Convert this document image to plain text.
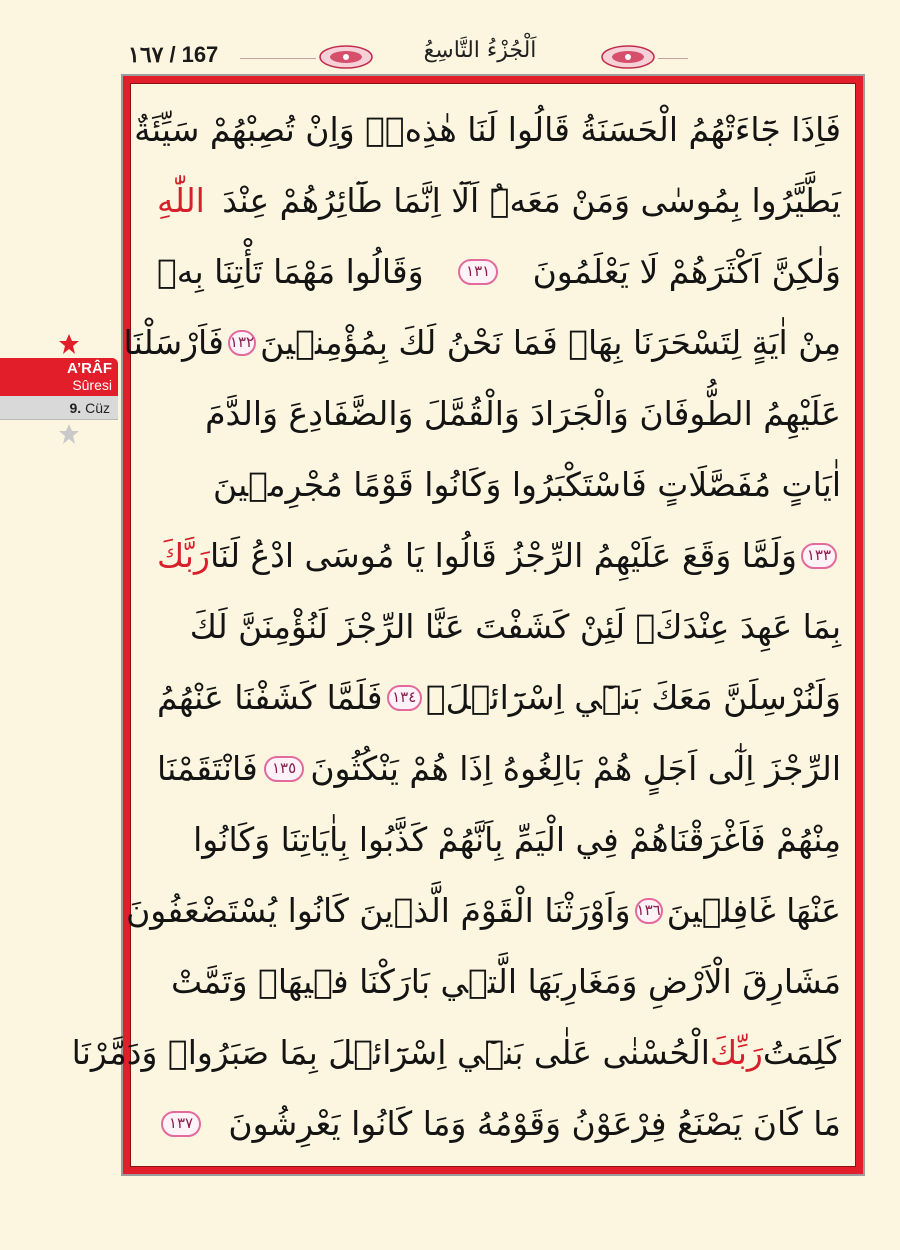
١٦٧ / 167	اَلْجُزْءُ التَّاسِعُ
A’RÂF
Sûresi
9. Cüz
فَاِذَا جَٓاءَتْهُمُ الْحَسَنَةُ قَالُوا لَنَا هٰذِهٖۚ وَاِنْ تُصِبْهُمْ سَيِّئَةٌ
يَطَّيَّرُوا بِمُوسٰى وَمَنْ مَعَهُۜ اَلَٓا اِنَّمَا طَٓائِرُهُمْ عِنْدَ
اللّٰهِ
وَلٰكِنَّ اَكْثَرَهُمْ لَا يَعْلَمُونَ
١٣١
وَقَالُوا مَهْمَا تَأْتِنَا بِهٖ
مِنْ اٰيَةٍ لِتَسْحَرَنَا بِهَاۙ فَمَا نَحْنُ لَكَ بِمُؤْمِنٖينَ
١٣٢
فَاَرْسَلْنَا
عَلَيْهِمُ الطُّوفَانَ وَالْجَرَادَ وَالْقُمَّلَ وَالضَّفَادِعَ وَالدَّمَ
اٰيَاتٍ مُفَصَّلَاتٍ فَاسْتَكْبَرُوا وَكَانُوا قَوْمًا مُجْرِمٖينَ
١٣٣
وَلَمَّا وَقَعَ عَلَيْهِمُ الرِّجْزُ قَالُوا يَا مُوسَى ادْعُ لَنَا
رَبَّكَ
بِمَا عَهِدَ عِنْدَكَۚ لَئِنْ كَشَفْتَ عَنَّا الرِّجْزَ لَنُؤْمِنَنَّ لَكَ
وَلَنُرْسِلَنَّ مَعَكَ بَنٖٓي اِسْرَٓائٖلَۚ
١٣٤
فَلَمَّا كَشَفْنَا عَنْهُمُ
الرِّجْزَ اِلٰٓى اَجَلٍ هُمْ بَالِغُوهُ اِذَا هُمْ يَنْكُثُونَ
١٣٥
فَانْتَقَمْنَا
مِنْهُمْ فَاَغْرَقْنَاهُمْ فِي الْيَمِّ بِاَنَّهُمْ كَذَّبُوا بِاٰيَاتِنَا وَكَانُوا
عَنْهَا غَافِلٖينَ
١٣٦
وَاَوْرَثْنَا الْقَوْمَ الَّذٖينَ كَانُوا يُسْتَضْعَفُونَ
مَشَارِقَ الْاَرْضِ وَمَغَارِبَهَا الَّتٖي بَارَكْنَا فٖيهَاۜ وَتَمَّتْ
كَلِمَتُ
رَبِّكَ
الْحُسْنٰى عَلٰى بَنٖٓي اِسْرَٓائٖلَ بِمَا صَبَرُواۜ وَدَمَّرْنَا
مَا كَانَ يَصْنَعُ فِرْعَوْنُ وَقَوْمُهُ وَمَا كَانُوا يَعْرِشُونَ
١٣٧
